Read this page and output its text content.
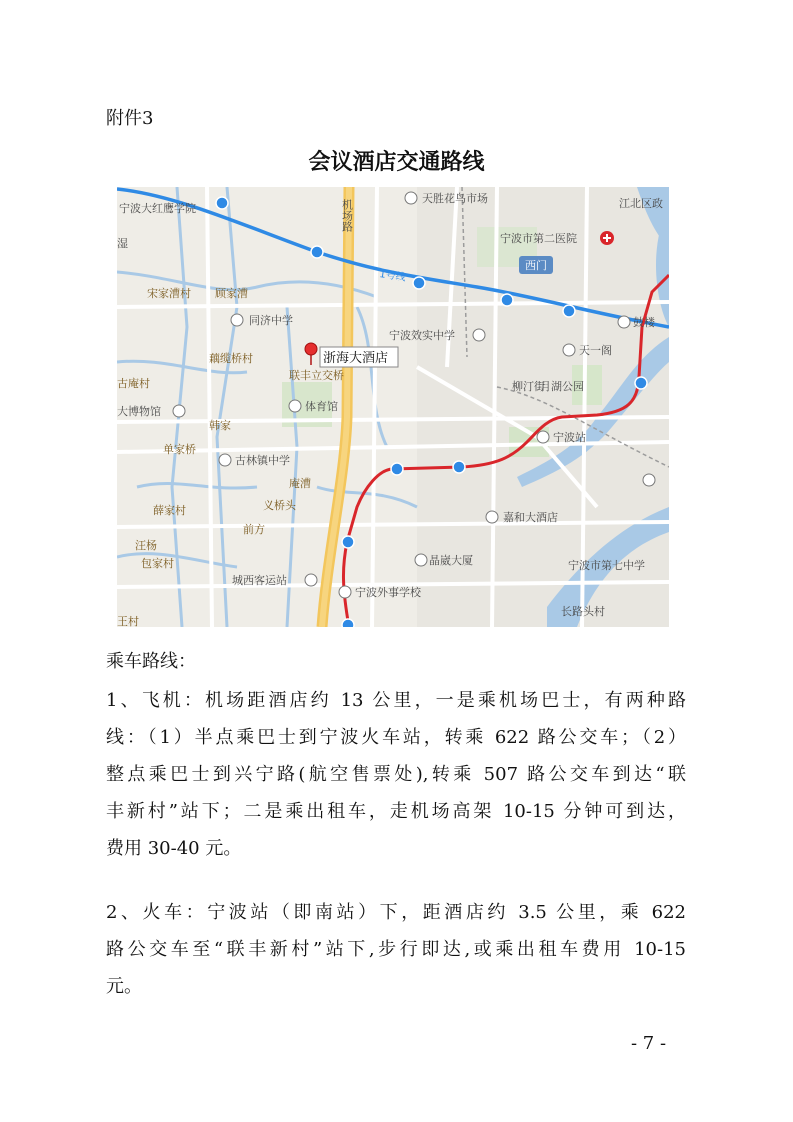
附件3
会议酒店交通路线
1号线
西门
机场路
天胜花鸟市场	江北区政
宁波大红鹰学院
宁波市第二医院
宋家漕村 顾家漕
同济中学
宁波效实中学
鼓楼
藕缆桥村
天一阁
联丰立交桥
柳汀街
月湖公园
古庵村
大博物馆	体育馆
韩家
宁波站
单家桥
古林镇中学
庵漕
义桥头
嘉和大酒店
薛家村
前方
汪杨
包家村	晶崴大厦	宁波市第七中学
城西客运站
宁波外事学校
长路头村
王村
湿
浙海大酒店
乘车路线：
1、飞机：机场距酒店约 13 公里，一是乘机场巴士，有两种路
线：（1）半点乘巴士到宁波火车站，转乘 622 路公交车；（2）
整点乘巴士到兴宁路(航空售票处),转乘 507 路公交车到达“联
丰新村”站下；二是乘出租车，走机场高架 10-15 分钟可到达，
费用 30-40 元。
2、火车：宁波站（即南站）下，距酒店约 3.5 公里，乘 622
路公交车至“联丰新村”站下,步行即达,或乘出租车费用 10-15
元。
- 7 -
